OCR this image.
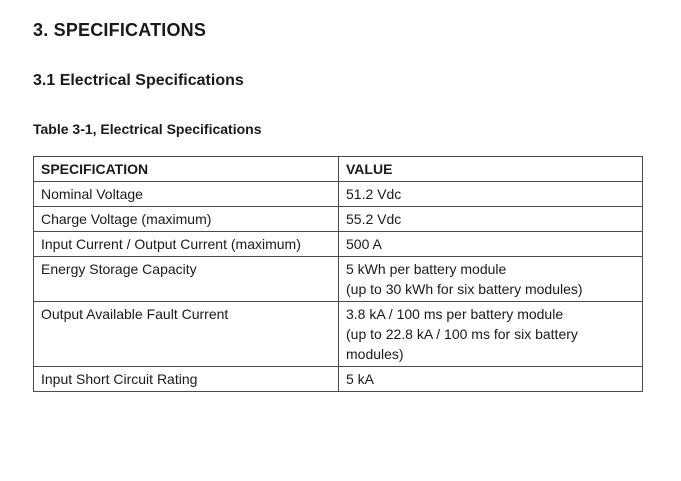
3. SPECIFICATIONS
3.1 Electrical Specifications
Table 3-1, Electrical Specifications
SPECIFICATION	VALUE
Nominal Voltage	51.2 Vdc

Charge Voltage (maximum)	55.2 Vdc

Input Current / Output Current (maximum)	500 A

Energy Storage Capacity	5 kWh per battery module
(up to 30 kWh for six battery modules)

Output Available Fault Current	3.8 kA / 100 ms per battery module
(up to 22.8 kA / 100 ms for six battery
modules)

Input Short Circuit Rating	5 kA
